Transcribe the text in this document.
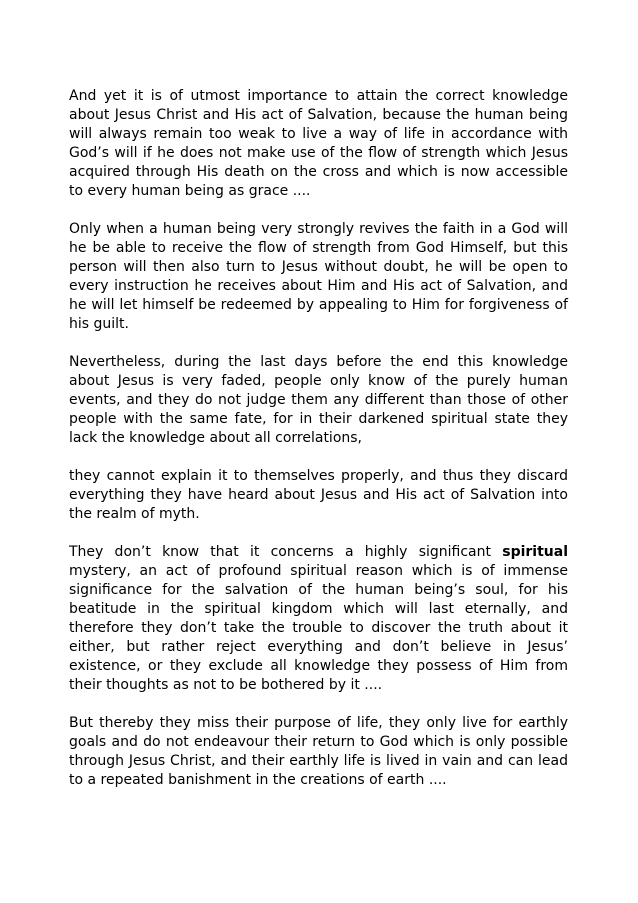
And yet it is of utmost importance to attain the correct knowledge about Jesus Christ and His act of Salvation, because the human being will always remain too weak to live a way of life in accordance with God’s will if he does not make use of the flow of strength which Jesus acquired through His death on the cross and which is now accessible to every human being as grace ....

Only when a human being very strongly revives the faith in a God will he be able to receive the flow of strength from God Himself, but this person will then also turn to Jesus without doubt, he will be open to every instruction he receives about Him and His act of Salvation, and he will let himself be redeemed by appealing to Him for forgiveness of his guilt.

Nevertheless, during the last days before the end this knowledge about Jesus is very faded, people only know of the purely human events, and they do not judge them any different than those of other people with the same fate, for in their darkened spiritual state they lack the knowledge about all correlations,

they cannot explain it to themselves properly, and thus they discard everything they have heard about Jesus and His act of Salvation into the realm of myth.

They don’t know that it concerns a highly significant spiritual mystery, an act of profound spiritual reason which is of immense significance for the salvation of the human being’s soul, for his beatitude in the spiritual kingdom which will last eternally, and therefore they don’t take the trouble to discover the truth about it either, but rather reject everything and don’t believe in Jesus’ existence, or they exclude all knowledge they possess of Him from their thoughts as not to be bothered by it ....

But thereby they miss their purpose of life, they only live for earthly goals and do not endeavour their return to God which is only possible through Jesus Christ, and their earthly life is lived in vain and can lead to a repeated banishment in the creations of earth ....
